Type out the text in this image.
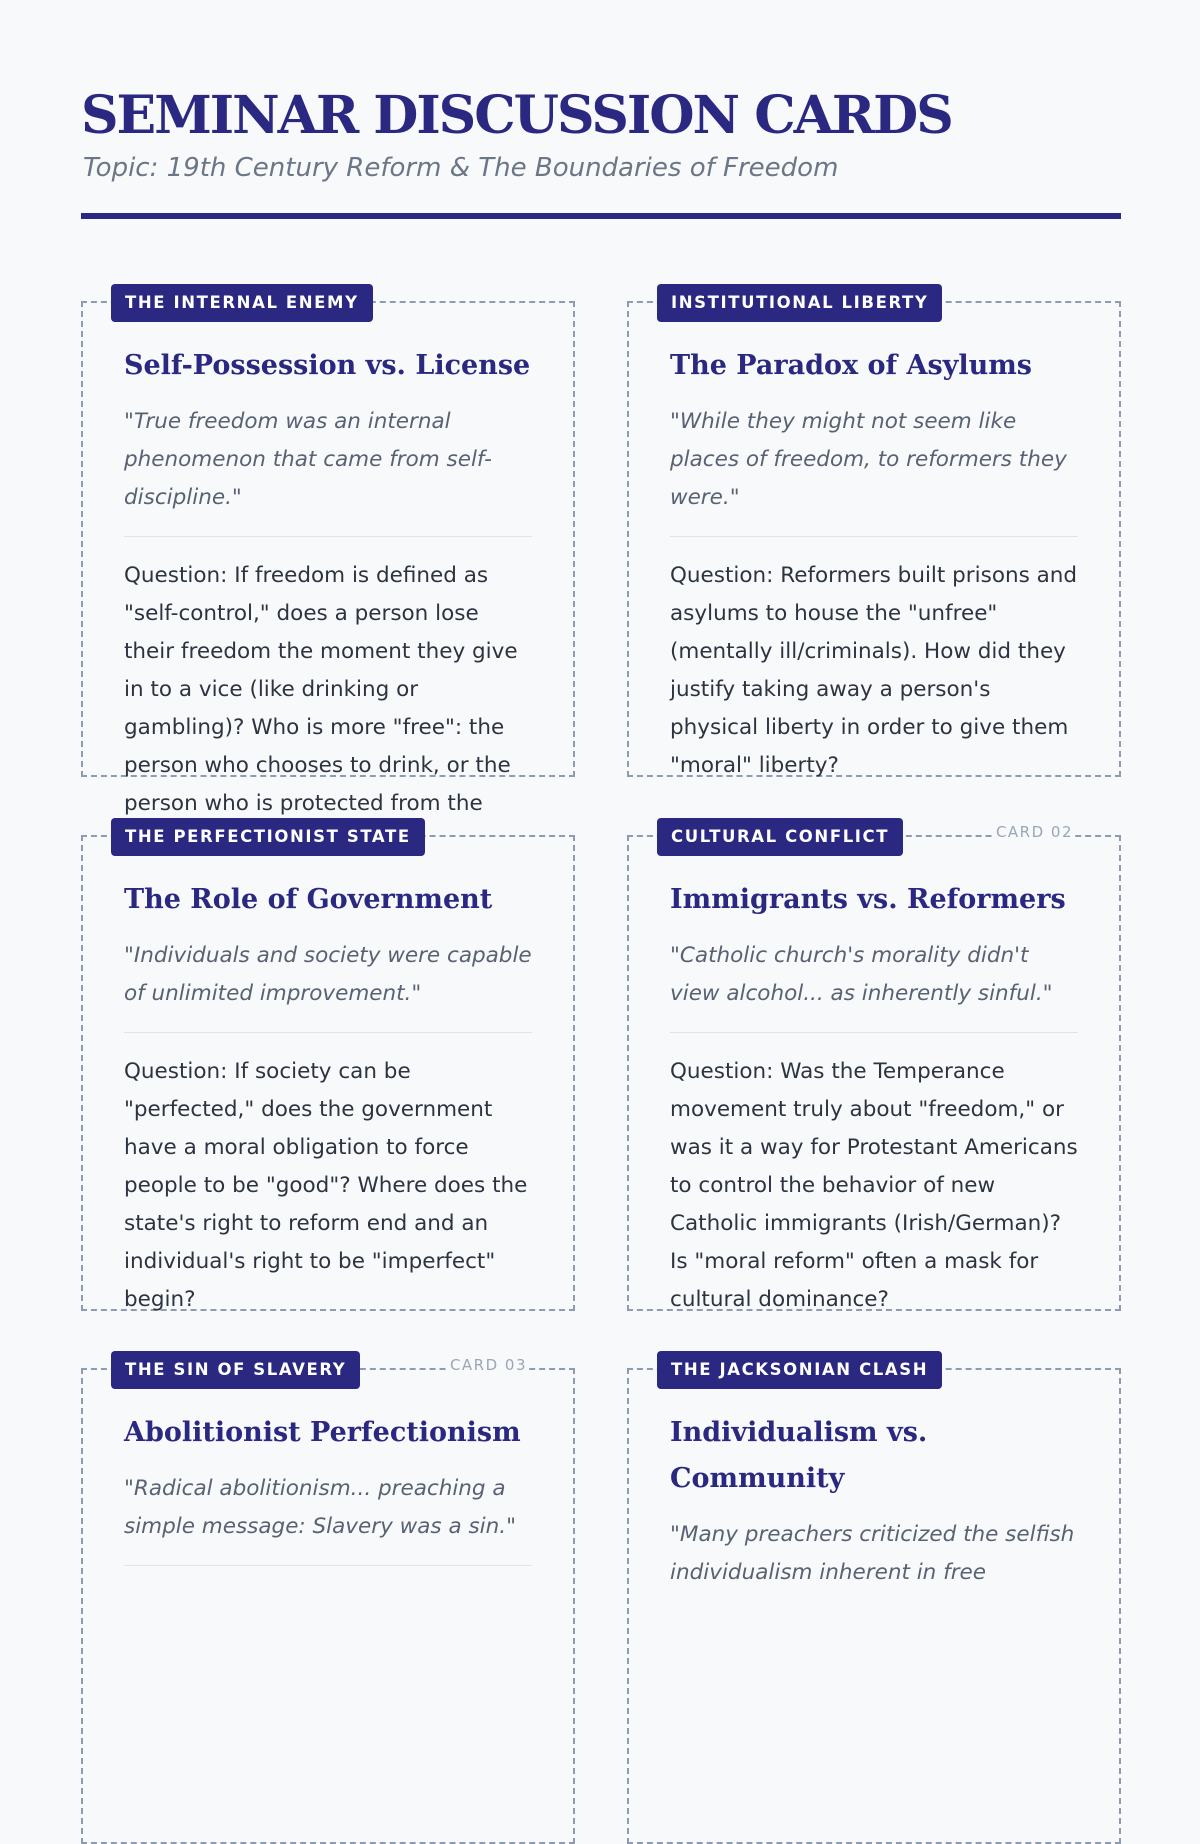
SEMINAR DISCUSSION CARDS
Topic: 19th Century Reform & The Boundaries of Freedom
THE INTERNAL ENEMY
Self-Possession vs. License

"True freedom was an internal phenomenon that came from self-discipline."

Question: If freedom is defined as "self-control," does a person lose their freedom the moment they give in to a vice (like drinking or gambling)? Who is more "free": the person who chooses to drink, or the person who is protected from the

INSTITUTIONAL LIBERTY
The Paradox of Asylums

"While they might not seem like places of freedom, to reformers they were."

Question: Reformers built prisons and asylums to house the "unfree" (mentally ill/criminals). How did they justify taking away a person's physical liberty in order to give them "moral" liberty?

THE PERFECTIONIST STATE
The Role of Government

"Individuals and society were capable of unlimited improvement."

Question: If society can be "perfected," does the government have a moral obligation to force people to be "good"? Where does the state's right to reform end and an individual's right to be "imperfect" begin?

CULTURAL CONFLICT	CARD 02
Immigrants vs. Reformers

"Catholic church's morality didn't view alcohol... as inherently sinful."

Question: Was the Temperance movement truly about "freedom," or was it a way for Protestant Americans to control the behavior of new Catholic immigrants (Irish/German)? Is "moral reform" often a mask for cultural dominance?

THE SIN OF SLAVERY	CARD 03
Abolitionist Perfectionism

"Radical abolitionism... preaching a simple message: Slavery was a sin."

THE JACKSONIAN CLASH
Individualism vs. Community

"Many preachers criticized the selfish individualism inherent in free
